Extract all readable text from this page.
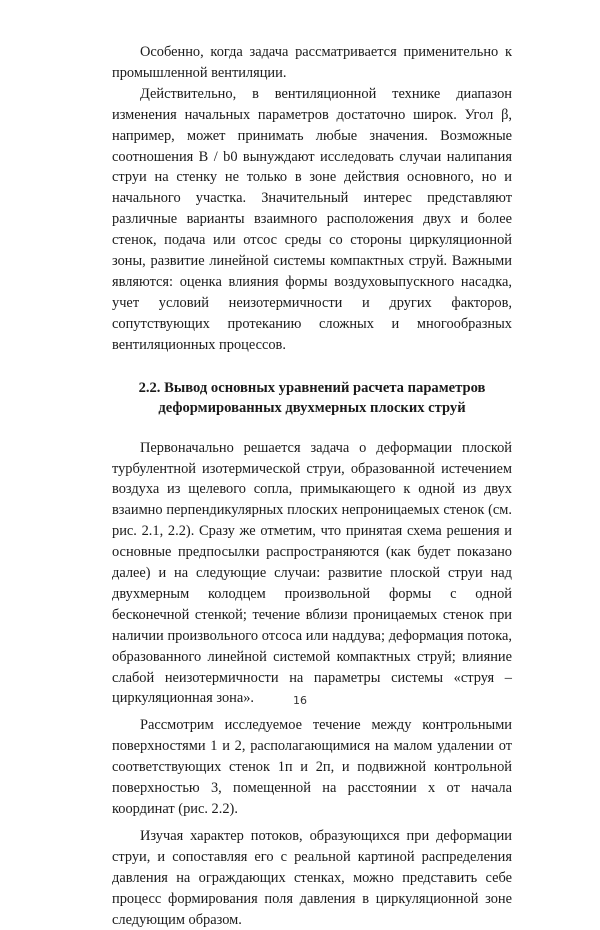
Особенно, когда задача рассматривается применительно к промышленной вентиляции.

Действительно, в вентиляционной технике диапазон изменения начальных параметров достаточно широк. Угол β, например, может принимать любые значения. Возможные соотношения B / b0 вынуждают исследовать случаи налипания струи на стенку не только в зоне действия основного, но и начального участка. Значительный интерес представляют различные варианты взаимного расположения двух и более стенок, подача или отсос среды со стороны циркуляционной зоны, развитие линейной системы компактных струй. Важными являются: оценка влияния формы воздуховыпускного насадка, учет условий неизотермичности и других факторов, сопутствующих протеканию сложных и многообразных вентиляционных процессов.

2.2. Вывод основных уравнений расчета параметров
деформированных двухмерных плоских струй

Первоначально решается задача о деформации плоской турбулентной изотермической струи, образованной истечением воздуха из щелевого сопла, примыкающего к одной из двух взаимно перпендикулярных плоских непроницаемых стенок (см. рис. 2.1, 2.2). Сразу же отметим, что принятая схема решения и основные предпосылки распространяются (как будет показано далее) и на следующие случаи: развитие плоской струи над двухмерным колодцем произвольной формы с одной бесконечной стенкой; течение вблизи проницаемых стенок при наличии произвольного отсоса или наддува; деформация потока, образованного линейной системой компактных струй; влияние слабой неизотермичности на параметры системы «струя – циркуляционная зона».

Рассмотрим исследуемое течение между контрольными поверхностями 1 и 2, располагающимися на малом удалении от соответствующих стенок 1п и 2п, и подвижной контрольной поверхностью 3, помещенной на расстоянии x от начала координат (рис. 2.2).

Изучая характер потоков, образующихся при деформации струи, и сопоставляя его с реальной картиной распределения давления на ограждающих стенках, можно представить себе процесс формирования поля давления в циркуляционной зоне следующим образом.

16
